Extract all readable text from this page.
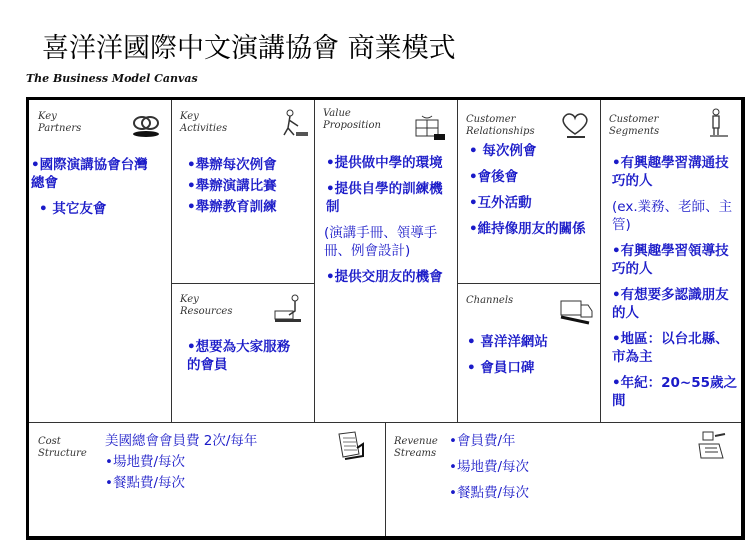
喜洋洋國際中文演講協會 商業模式
The Business Model Canvas
Key
Partners
•國際演講協會台灣總會
• 其它友會
Key
Activities
•舉辦每次例會
•舉辦演講比賽
•舉辦教育訓練
Key
Resources
•想要為大家服務的會員
Value
Proposition
•提供做中學的環境
•提供自學的訓練機制
(演講手冊、領導手冊、例會設計)
•提供交朋友的機會
Customer
Relationships
• 每次例會
•會後會
•互外活動
•維持像朋友的關係
Channels
• 喜洋洋網站
• 會員口碑
Customer
Segments
•有興趣學習溝通技巧的人
(ex.業務、老師、主管)
•有興趣學習領導技巧的人
•有想要多認識朋友的人
•地區：以台北縣、市為主
•年紀：20~55歲之間
Cost
Structure
美國總會會員費 2次/每年
•場地費/每次
•餐點費/每次
Revenue
Streams
•會員費/年
•場地費/每次
•餐點費/每次
